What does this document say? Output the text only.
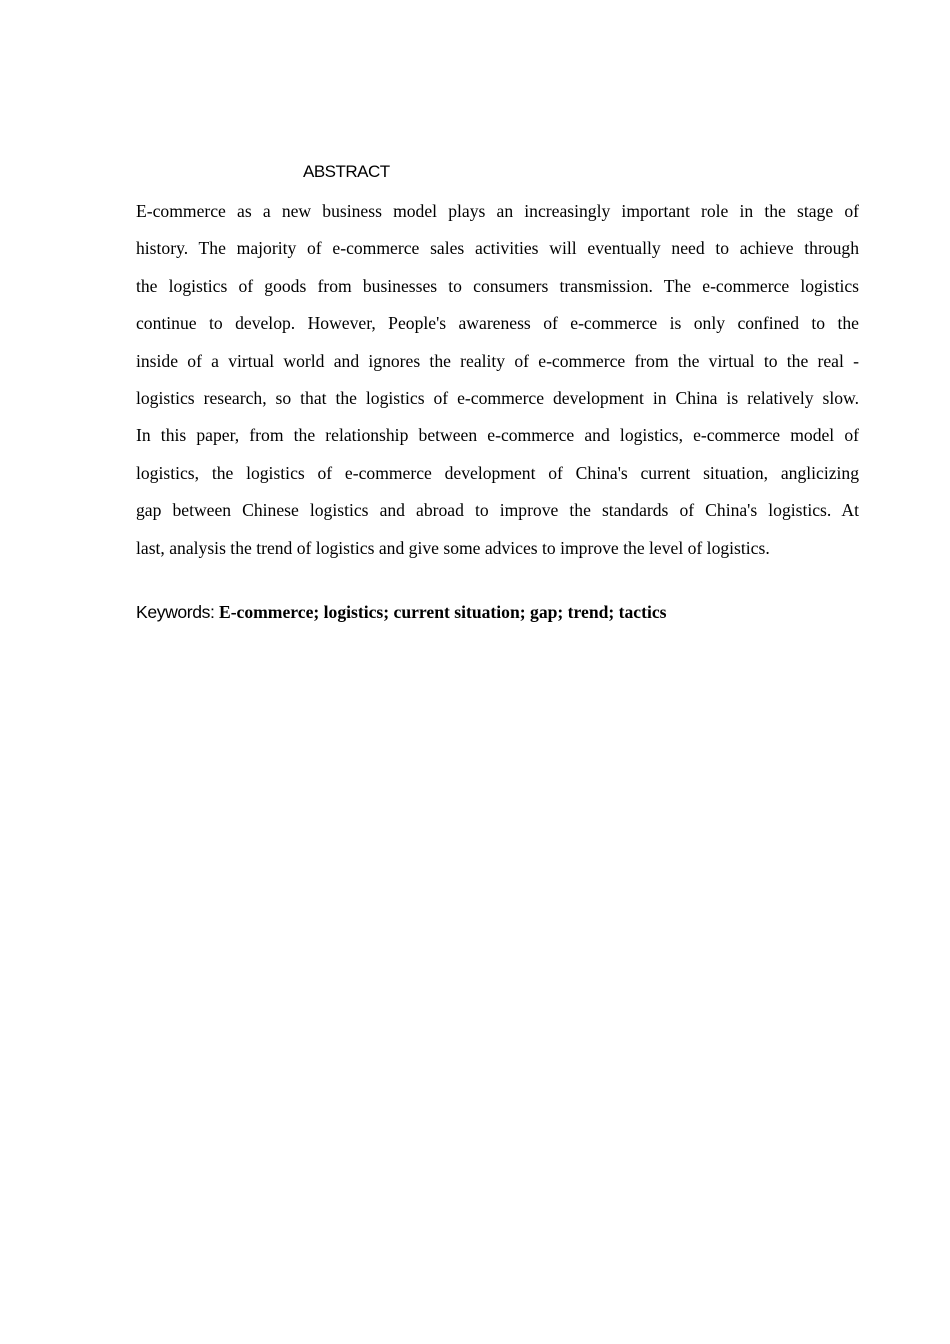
ABSTRACT
E-commerce as a new business model plays an increasingly important role in the stage of
history. The majority of e-commerce sales activities will eventually need to achieve through
the logistics of goods from businesses to consumers transmission. The e-commerce logistics
continue to develop. However, People's awareness of e-commerce is only confined to the
inside of a virtual world and ignores the reality of e-commerce from the virtual to the real -
logistics research, so that the logistics of e-commerce development in China is relatively slow.
In this paper, from the relationship between e-commerce and logistics, e-commerce model of
logistics, the logistics of e-commerce development of China's current situation, anglicizing
gap between Chinese logistics and abroad to improve the standards of China's logistics. At
last, analysis the trend of logistics and give some advices to improve the level of logistics.
Keywords: E-commerce; logistics; current situation; gap; trend; tactics
